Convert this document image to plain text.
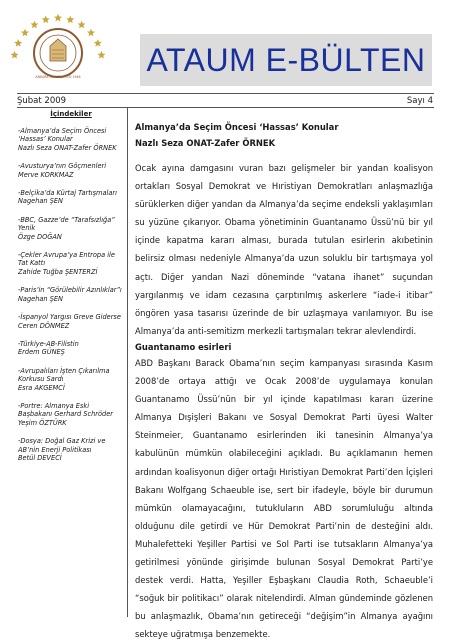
ANKARA ÜNİVERSİTESİ 1946 ATAUM E-BÜLTEN
Şubat 2009	Sayı 4
İçindekiler
-Almanya’da Seçim Öncesi ‘Hassas’ Konular
Nazlı Seza ONAT-Zafer ÖRNEK
-Avusturya’nın Göçmenleri
Merve KORKMAZ
-Belçika’da Kürtaj Tartışmaları
Nagehan ŞEN
-BBC, Gazze’de “Tarafsızlığa” Yenik
Özge DOĞAN
-Çekler Avrupa’ya Entropa ile Tat Kattı
Zahide Tuğba ŞENTERZİ
-Paris’in “Görülebilir Azınlıklar”ı
Nagehan ŞEN
-İspanyol Yargısı Greve Giderse
Ceren DÖNMEZ
-Türkiye-AB-Filistin
Erdem GÜNEŞ
-Avrupalıları İşten Çıkarılma Korkusu Sardı
Esra AKGEMCİ
-Portre: Almanya Eski Başbakanı Gerhard Schröder
Yeşim ÖZTÜRK
-Dosya: Doğal Gaz Krizi ve AB’nin Enerji Politikası
Betül DEVECİ

Almanya’da Seçim Öncesi ‘Hassas’ Konular

Nazlı Seza ONAT-Zafer ÖRNEK

Ocak ayına damgasını vuran bazı gelişmeler bir yandan koalisyon ortakları Sosyal Demokrat ve Hıristiyan Demokratları anlaşmazlığa sürüklerken diğer yandan da Almanya’da seçime endeksli yaklaşımları su yüzüne çıkarıyor. Obama yönetiminin Guantanamo Üssü’nü bir yıl içinde kapatma kararı alması, burada tutulan esirlerin akıbetinin belirsiz olması nedeniyle Almanya’da uzun soluklu bir tartışmaya yol açtı. Diğer yandan Nazi döneminde “vatana ihanet” suçundan yargılanmış ve idam cezasına çarptırılmış askerlere “iade-i itibar” öngören yasa tasarısı üzerinde de bir uzlaşmaya varılamıyor. Bu ise Almanya’da anti-semitizm merkezli tartışmaları tekrar alevlendirdi.

Guantanamo esirleri

ABD Başkanı Barack Obama’nın seçim kampanyası sırasında Kasım 2008’de ortaya attığı ve Ocak 2008’de uygulamaya konulan Guantanamo Üssü’nün bir yıl içinde kapatılması kararı üzerine Almanya Dışişleri Bakanı ve Sosyal Demokrat Parti üyesi Walter Steinmeier, Guantanamo esirlerinden iki tanesinin Almanya’ya kabulünün mümkün olabileceğini açıkladı. Bu açıklamanın hemen ardından koalisyonun diğer ortağı Hıristiyan Demokrat Parti’den İçişleri Bakanı Wolfgang Schaeuble ise, sert bir ifadeyle, böyle bir durumun mümkün olamayacağını, tutukluların ABD sorumluluğu altında olduğunu dile getirdi ve Hür Demokrat Parti’nin de desteğini aldı. Muhalefetteki Yeşiller Partisi ve Sol Parti ise tutsakların Almanya’ya getirilmesi yönünde girişimde bulunan Sosyal Demokrat Parti’ye destek verdi. Hatta, Yeşiller Eşbaşkanı Claudia Roth, Schaeuble’i “soğuk bir politikacı” olarak nitelendirdi. Alman gündeminde gözlenen bu anlaşmazlık, Obama’nın getireceği “değişim”in Almanya ayağını sekteye uğratmışa benzemekte.
